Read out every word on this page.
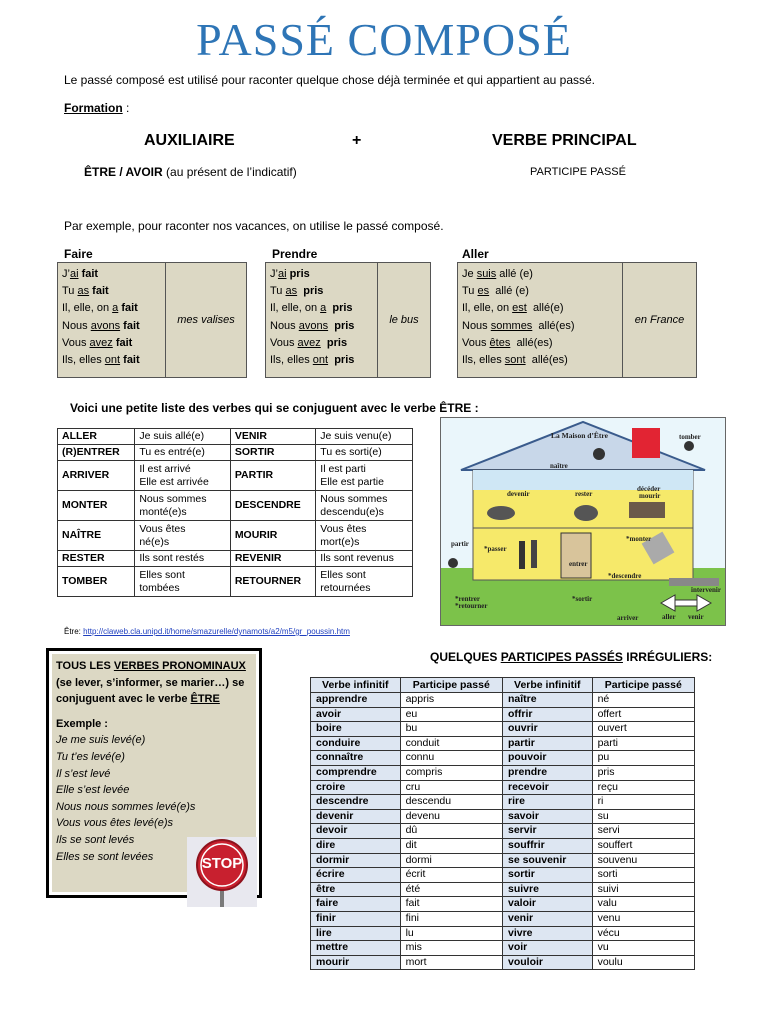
PASSÉ COMPOSÉ
Le passé composé est utilisé pour raconter quelque chose déjà terminée et qui appartient au passé.
Formation :
AUXILIAIRE	+	VERBE PRINCIPAL
ÊTRE / AVOIR (au présent de l’indicatif)	PARTICIPE PASSÉ
Par exemple, pour raconter nos vacances, on utilise le passé composé.
Faire	Prendre	Aller
J’ai fait
Tu as fait
Il, elle, on a fait
Nous avons fait
Vous avez fait
Ils, elles ont fait
mes valises
J’ai pris
Tu as  pris
Il, elle, on a  pris
Nous avons  pris
Vous avez  pris
Ils, elles ont  pris
le bus
Je suis allé (e)
Tu es  allé (e)
Il, elle, on est  allé(e)
Nous sommes  allé(es)
Vous êtes  allé(es)
Ils, elles sont  allé(es)
en France
Voici une petite liste des verbes qui se conjuguent avec le verbe ÊTRE :
ALLER	Je suis allé(e)	VENIR	Je suis venu(e)
(R)ENTRER	Tu es entré(e)	SORTIR	Tu es sorti(e)
ARRIVER	Il est arrivé
Elle est arrivée	PARTIR	Il est parti
Elle est partie
MONTER	Nous sommes
monté(e)s	DESCENDRE	Nous sommes
descendu(e)s
NAÎTRE	Vous êtes
né(e)s	MOURIR	Vous êtes
mort(e)s
RESTER	Ils sont restés	REVENIR	Ils sont revenus
TOMBER	Elles sont
tombées	RETOURNER	Elles sont
retournées
La Maison d’Être	tomber
naître
devenir	rester
décéder
mourir
partir
*passer
*monter
*descendre
*sortir
*rentrer
*retourner
arriver	aller venir
intervenir
entrer
Être: http://claweb.cla.unipd.it/home/smazurelle/dynamots/a2/m5/gr_poussin.htm
TOUS LES VERBES PRONOMINAUX
(se lever, s’informer, se marier…) se
conjuguent avec le verbe ÊTRE
Exemple :
Je me suis levé(e)
Tu t’es levé(e)
Il s’est levé
Elle s’est levée
Nous nous sommes levé(e)s
Vous vous êtes levé(e)s
Ils se sont levés
Elles se sont levées	STOP
QUELQUES PARTICIPES PASSÉS IRRÉGULIERS:
Verbe infinitif	Participe passé	Verbe infinitif	Participe passé
apprendre	appris	naître	né
avoir	eu	offrir	offert
boire	bu	ouvrir	ouvert
conduire	conduit	partir	parti
connaître	connu	pouvoir	pu
comprendre	compris	prendre	pris
croire	cru	recevoir	reçu
descendre	descendu	rire	ri
devenir	devenu	savoir	su
devoir	dû	servir	servi
dire	dit	souffrir	souffert
dormir	dormi	se souvenir	souvenu
écrire	écrit	sortir	sorti
être	été	suivre	suivi
faire	fait	valoir	valu
finir	fini	venir	venu
lire	lu	vivre	vécu
mettre	mis	voir	vu
mourir	mort	vouloir	voulu
